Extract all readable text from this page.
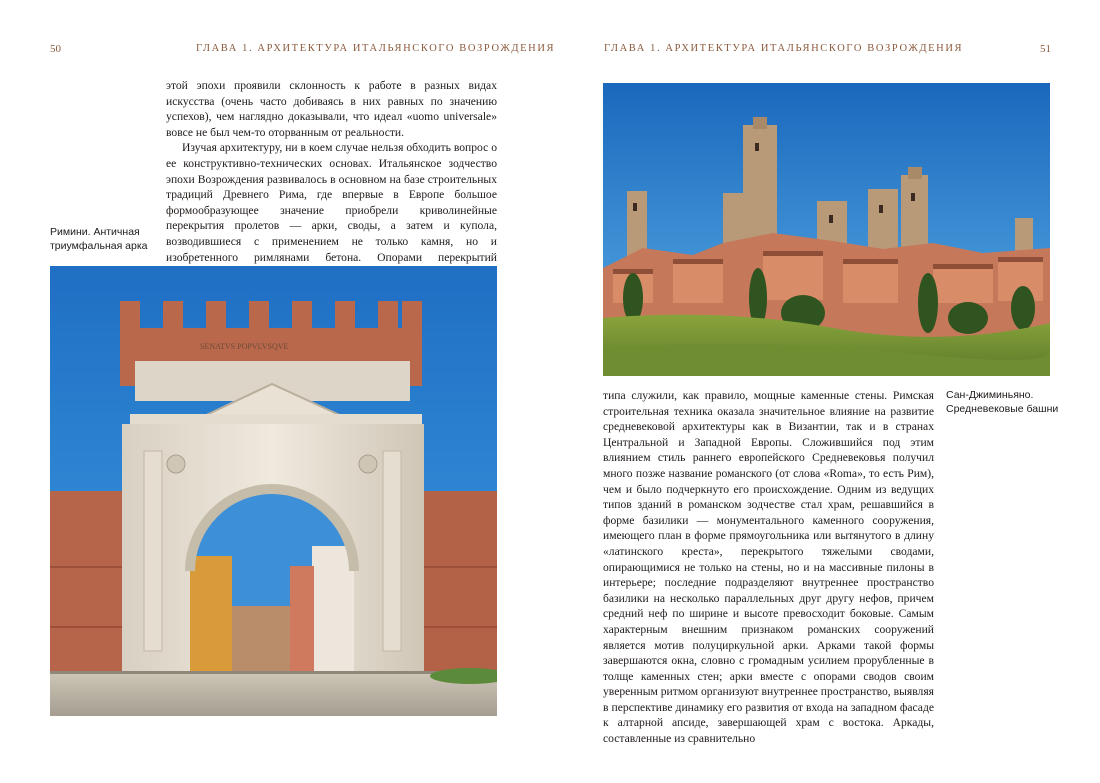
50	ГЛАВА 1. АРХИТЕКТУРА ИТАЛЬЯНСКОГО ВОЗРОЖДЕНИЯ

этой эпохи проявили склонность к работе в разных видах искусства (очень часто добиваясь в них равных по значению успехов), чем наглядно доказывали, что идеал «uomo universale» вовсе не был чем-то оторванным от реальности.

Изучая архитектуру, ни в коем случае нельзя обходить вопрос о ее конструктивно-технических основах. Итальянское зодчество эпохи Возрождения развивалось в основном на базе строительных традиций Древнего Рима, где впервые в Европе большое формообразующее значение приобрели криволинейные перекрытия пролетов — арки, своды, а затем и купола, возводившиеся с применением не только камня, но и изобретенного римлянами бетона. Опорами перекрытий

Римини. Античная
триумфальная арка
SENATVS POPVLVSQVE
ГЛАВА 1. АРХИТЕКТУРА ИТАЛЬЯНСКОГО ВОЗРОЖДЕНИЯ	51
Сан-Джиминьяно.
Средневековые башни

типа служили, как правило, мощные каменные стены. Римская строительная техника оказала значительное влияние на развитие средневековой архитектуры как в Византии, так и в странах Центральной и Западной Европы. Сложившийся под этим влиянием стиль раннего европейского Средневековья получил много позже название романского (от слова «Roma», то есть Рим), чем и было подчеркнуто его происхождение. Одним из ведущих типов зданий в романском зодчестве стал храм, решавшийся в форме базилики — монументального каменного сооружения, имеющего план в форме прямоугольника или вытянутого в длину «латинского креста», перекрытого тяжелыми сводами, опирающимися не только на стены, но и на массивные пилоны в интерьере; последние подразделяют внутреннее пространство базилики на несколько параллельных друг другу нефов, причем средний неф по ширине и высоте превосходит боковые. Самым характерным внешним признаком романских сооружений является мотив полуциркульной арки. Арками такой формы завершаются окна, словно с громадным усилием прорубленные в толще каменных стен; арки вместе с опорами сводов своим уверенным ритмом организуют внутреннее пространство, выявляя в перспективе динамику его развития от входа на западном фасаде к алтарной апсиде, завершающей храм с востока. Аркады, составленные из сравнительно
